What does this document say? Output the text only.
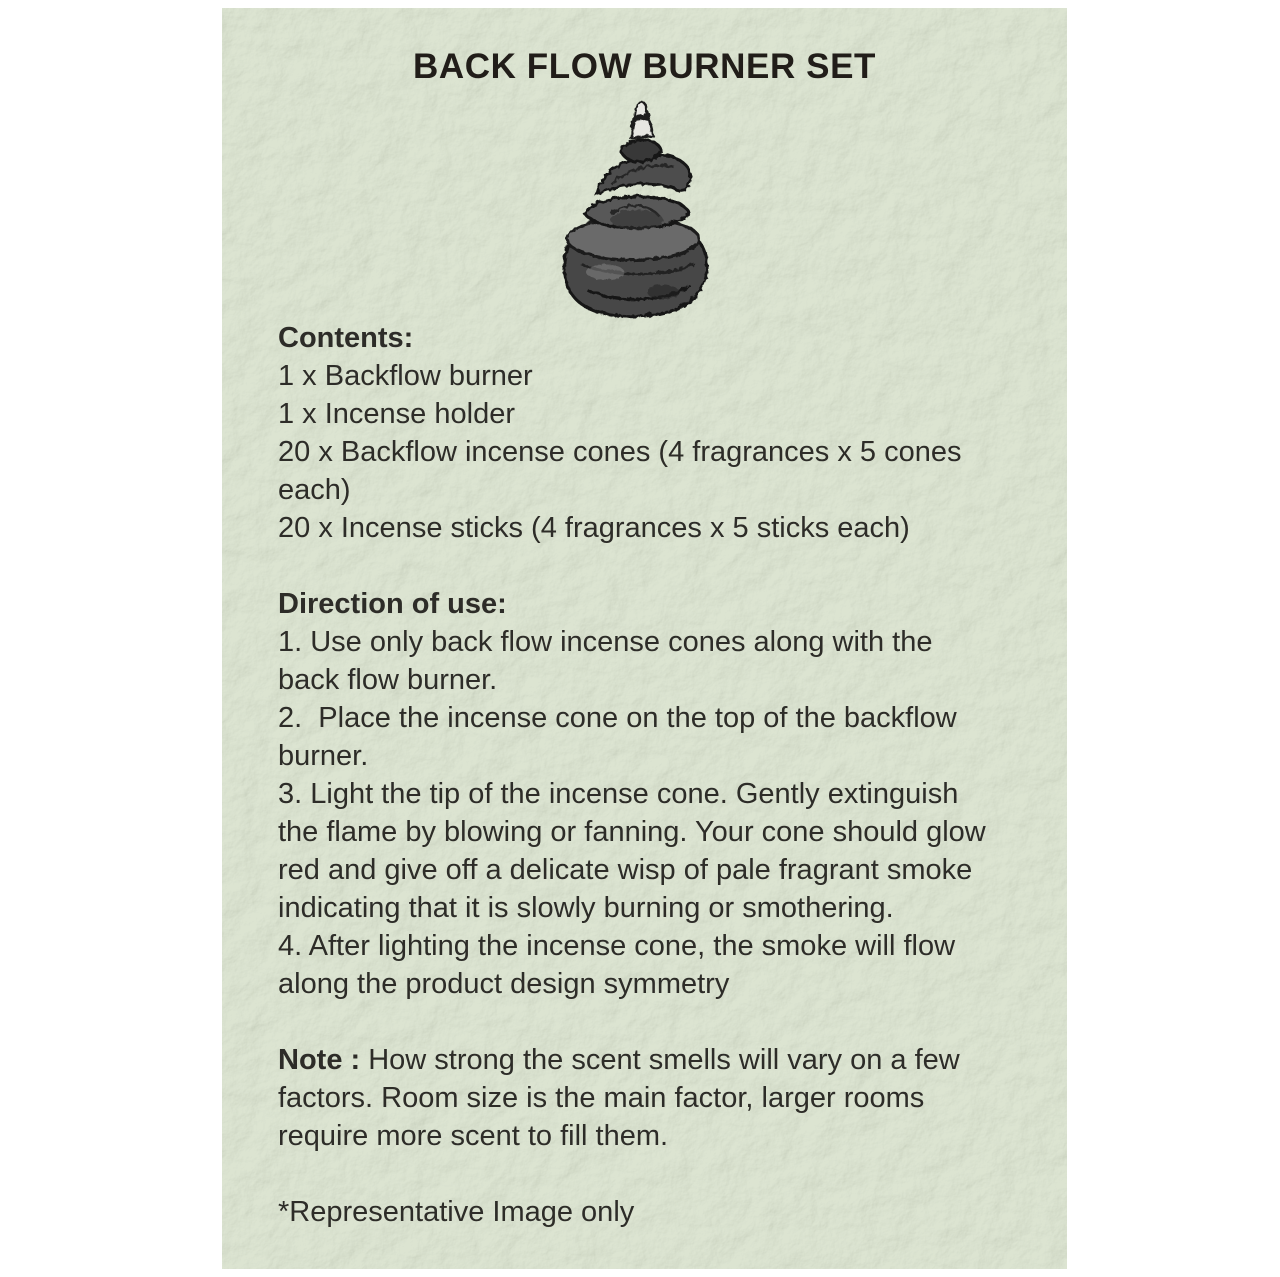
BACK FLOW BURNER SET
Contents:
1 x Backflow burner
1 x Incense holder
20 x Backflow incense cones (4 fragrances x 5 cones each)
20 x Incense sticks (4 fragrances x 5 sticks each)
Direction of use:
1. Use only back flow incense cones along with the back flow burner.
2.  Place the incense cone on the top of the backflow burner.
3. Light the tip of the incense cone. Gently extinguish the flame by blowing or fanning. Your cone should glow red and give off a delicate wisp of pale fragrant smoke indicating that it is slowly burning or smothering.
4. After lighting the incense cone, the smoke will flow along the product design symmetry
Note : How strong the scent smells will vary on a few factors. Room size is the main factor, larger rooms require more scent to fill them.
*Representative Image only
